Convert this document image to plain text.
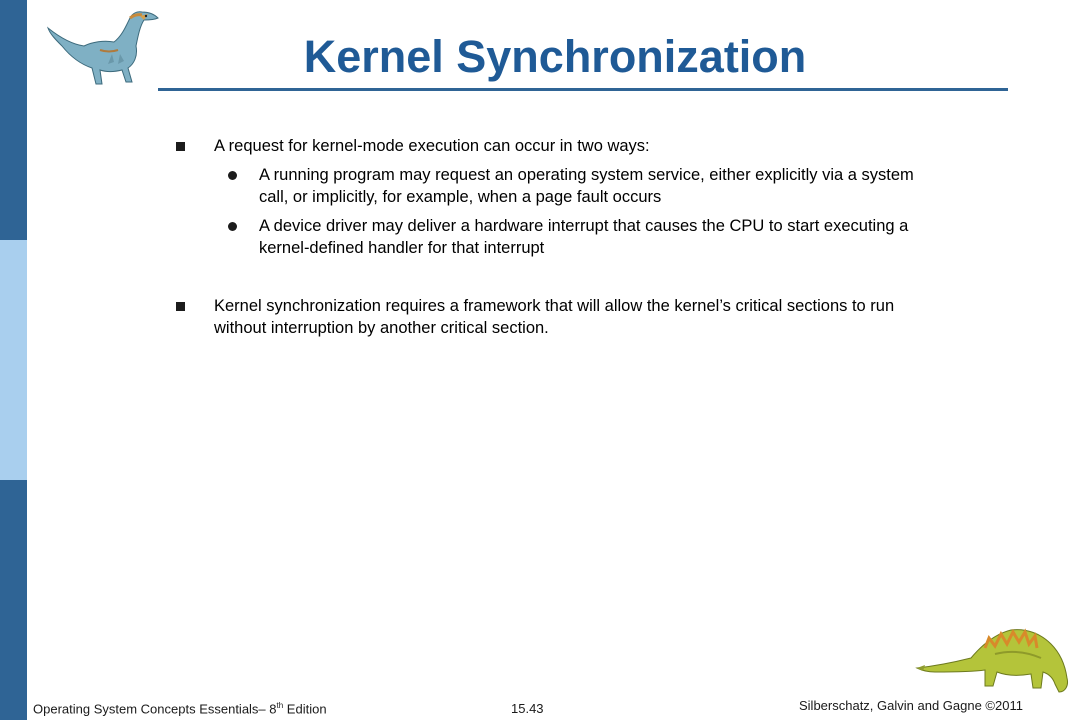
Kernel Synchronization
A request for kernel-mode execution can occur in two ways:
A running program may request an operating system service, either explicitly via a system call, or implicitly, for example, when a page fault occurs
A device driver may deliver a hardware interrupt that causes the CPU to start executing a kernel-defined handler for that interrupt
Kernel synchronization requires a framework that will allow the kernel’s critical sections to run without interruption by another critical section.
Operating System Concepts Essentials– 8th Edition	15.43	Silberschatz, Galvin and Gagne ©2011
